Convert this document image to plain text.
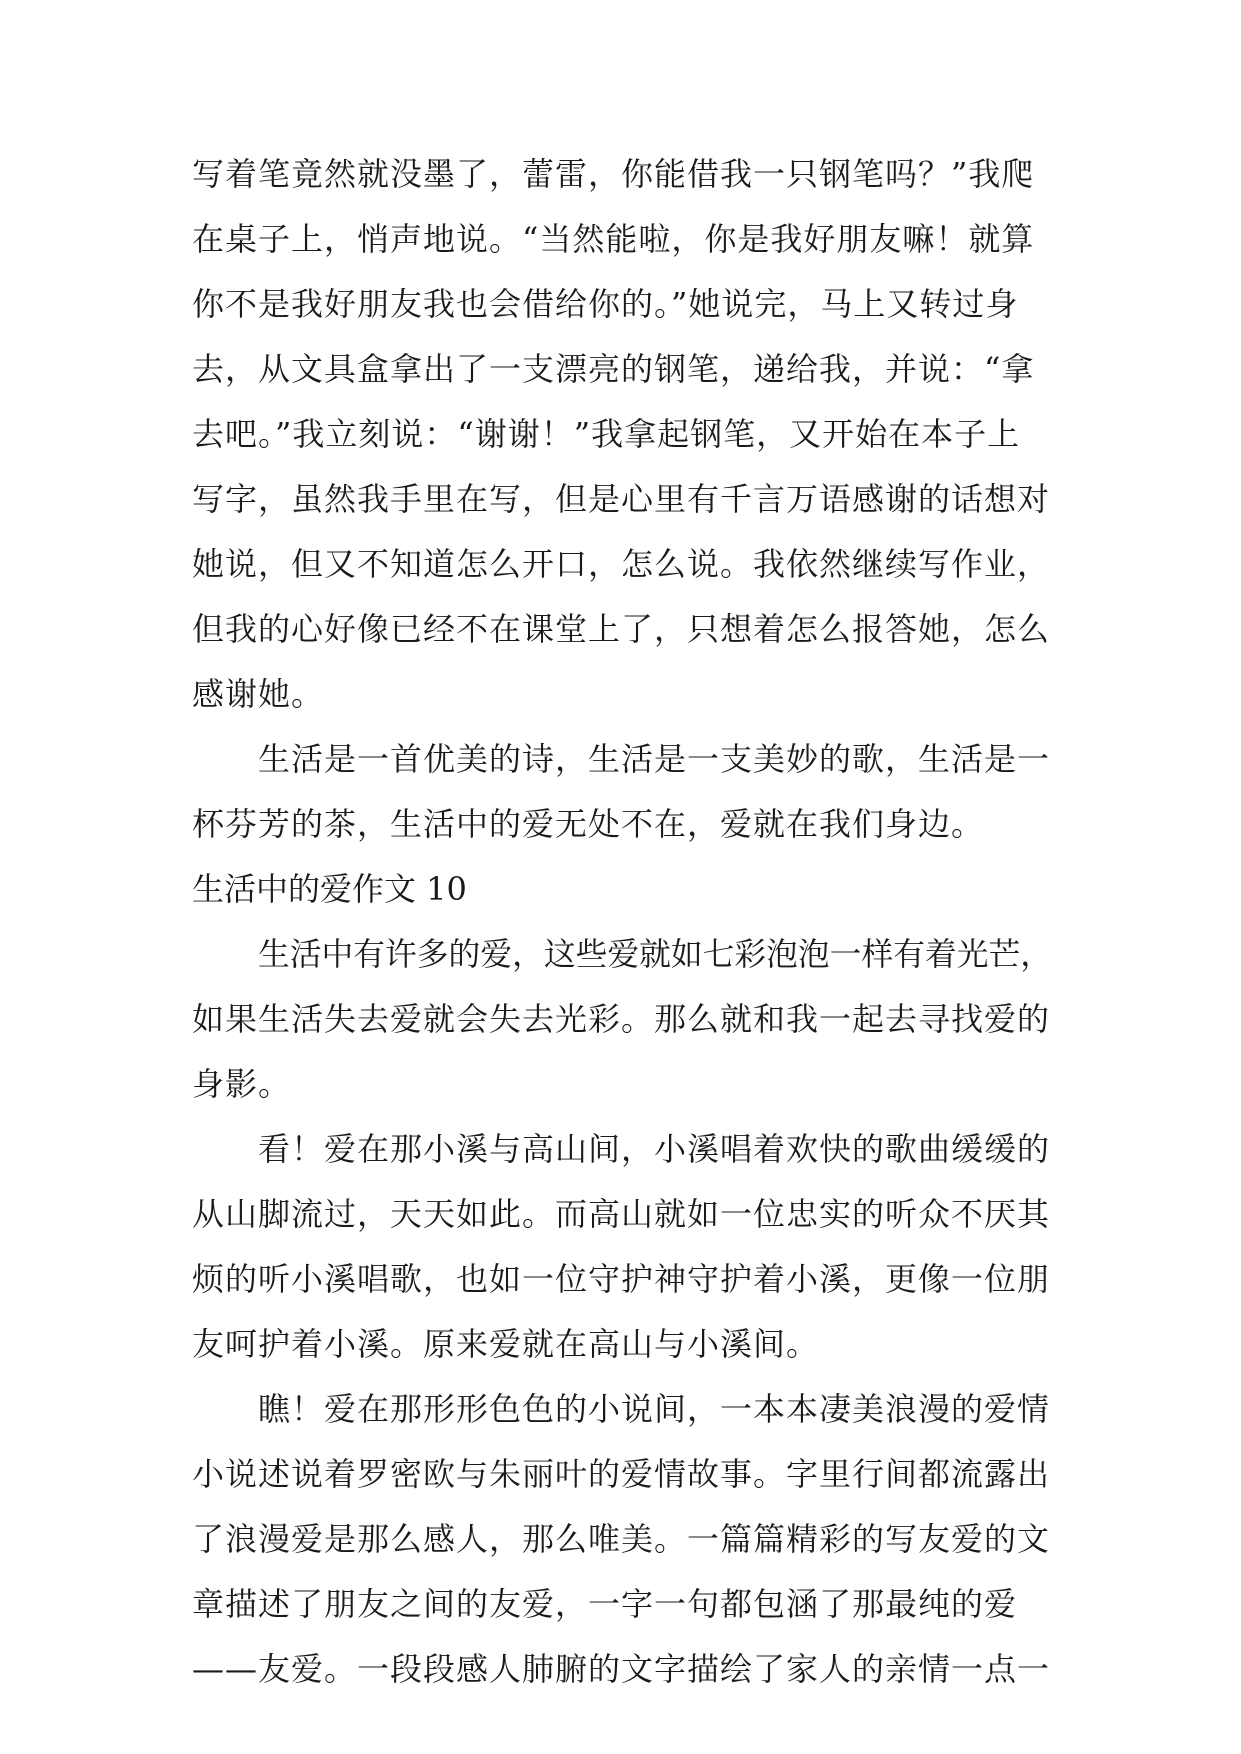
写着笔竟然就没墨了，蕾雷，你能借我一只钢笔吗？”我爬
在桌子上，悄声地说。“当然能啦，你是我好朋友嘛！就算
你不是我好朋友我也会借给你的。”她说完，马上又转过身
去，从文具盒拿出了一支漂亮的钢笔，递给我，并说：“拿
去吧。”我立刻说：“谢谢！”我拿起钢笔，又开始在本子上
写字，虽然我手里在写，但是心里有千言万语感谢的话想对
她说，但又不知道怎么开口，怎么说。我依然继续写作业，
但我的心好像已经不在课堂上了，只想着怎么报答她，怎么
感谢她。
生活是一首优美的诗，生活是一支美妙的歌，生活是一
杯芬芳的茶，生活中的爱无处不在，爱就在我们身边。
生活中的爱作文 10
生活中有许多的爱，这些爱就如七彩泡泡一样有着光芒，
如果生活失去爱就会失去光彩。那么就和我一起去寻找爱的
身影。
看！爱在那小溪与高山间，小溪唱着欢快的歌曲缓缓的
从山脚流过，天天如此。而高山就如一位忠实的听众不厌其
烦的听小溪唱歌，也如一位守护神守护着小溪，更像一位朋
友呵护着小溪。原来爱就在高山与小溪间。
瞧！爱在那形形色色的小说间，一本本凄美浪漫的爱情
小说述说着罗密欧与朱丽叶的爱情故事。字里行间都流露出
了浪漫爱是那么感人，那么唯美。一篇篇精彩的写友爱的文
章描述了朋友之间的友爱，一字一句都包涵了那最纯的爱
——友爱。一段段感人肺腑的文字描绘了家人的亲情一点一
